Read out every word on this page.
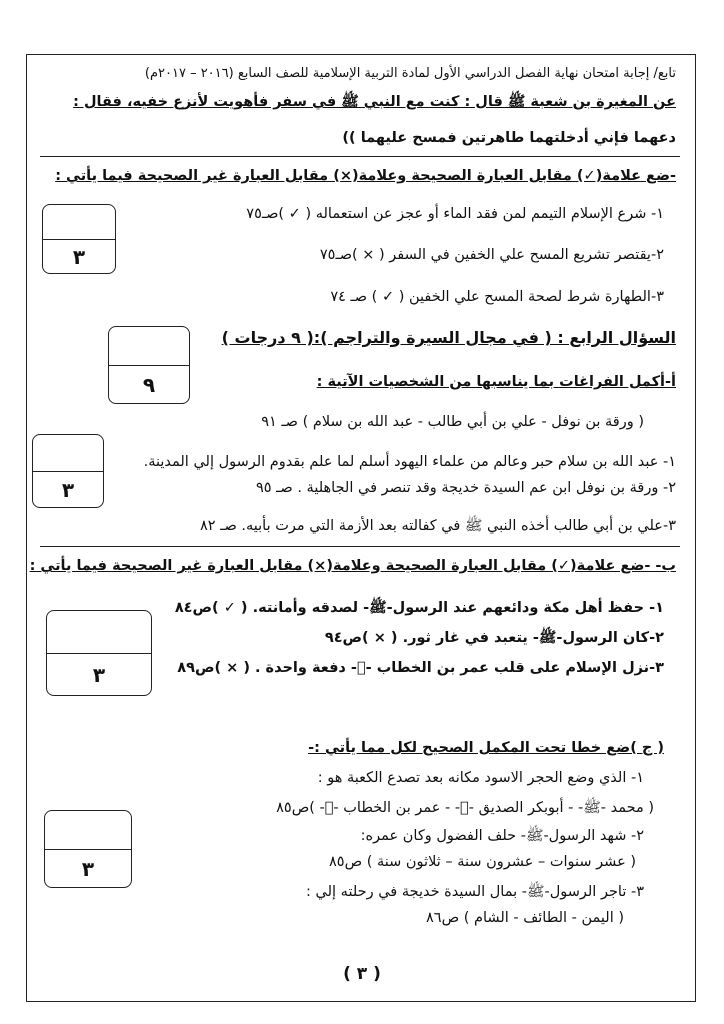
تابع/ إجابة امتحان نهاية الفصل الدراسي الأول لمادة التربية الإسلامية للصف السابع (٢٠١٦ – ٢٠١٧م)
عن المغيرة بن شعبة ﷺ قال : كنت مع النبي ﷺ في سفر فأهويت لأنزع خفيه، فقال :
دعهما فإني أدخلتهما طاهرتين فمسح عليهما ))
-ضع علامة(✓) مقابل العبارة الصحيحة وعلامة(×) مقابل العبارة غير الصحيحة فيما يأتي :
١- شرع الإسلام التيمم لمن فقد الماء أو عجز عن استعماله ( ✓ )صـ٧٥
٢-يقتصر تشريع المسح علي الخفين في السفر ( × )صـ٧٥
٣-الطهارة شرط لصحة المسح علي الخفين ( ✓ ) صـ ٧٤
٣
السؤال الرابع : ( في مجال السيرة والتراجم ):( ٩ درجات )
٩	أ-أكمل الفراغات بما يناسبها من الشخصيات الآتية :
( ورقة بن نوفل - علي بن أبي طالب - عبد الله بن سلام ) صـ ٩١
١- عبد الله بن سلام حبر وعالم من علماء اليهود أسلم لما علم بقدوم الرسول إلي المدينة.
٢- ورقة بن نوفل ابن عم السيدة خديجة وقد تنصر في الجاهلية . صـ ٩٥
٣-علي بن أبي طالب أخذه النبي ﷺ في كفالته بعد الأزمة التي مرت بأبيه. صـ ٨٢
٣
ب- -ضع علامة(✓) مقابل العبارة الصحيحة وعلامة(×) مقابل العبارة غير الصحيحة فيما يأتي :
١- حفظ أهل مكة ودائعهم عند الرسول-ﷺ- لصدقه وأمانته. ( ✓ )ص٨٤
٢-كان الرسول-ﷺ- يتعبد في غار ثور. ( × )ص٩٤
٣-نزل الإسلام على قلب عمر بن الخطاب -﷯- دفعة واحدة . ( × )ص٨٩
٣
( ج )ضع خطا تحت المكمل الصحيح لكل مما يأتي :-
١- الذي وضع الحجر الاسود مكانه بعد تصدع الكعبة هو :
( محمد -ﷺ- - أبوبكر الصديق -﷯- - عمر بن الخطاب -﷯- )ص٨٥
٢- شهد الرسول-ﷺ- حلف الفضول وكان عمره:
( عشر سنوات – عشرون سنة – ثلاثون سنة ) ص٨٥
٣- تاجر الرسول-ﷺ- بمال السيدة خديجة في رحلته إلي :
( اليمن - الطائف - الشام ) ص٨٦
٣
( ٣ )
